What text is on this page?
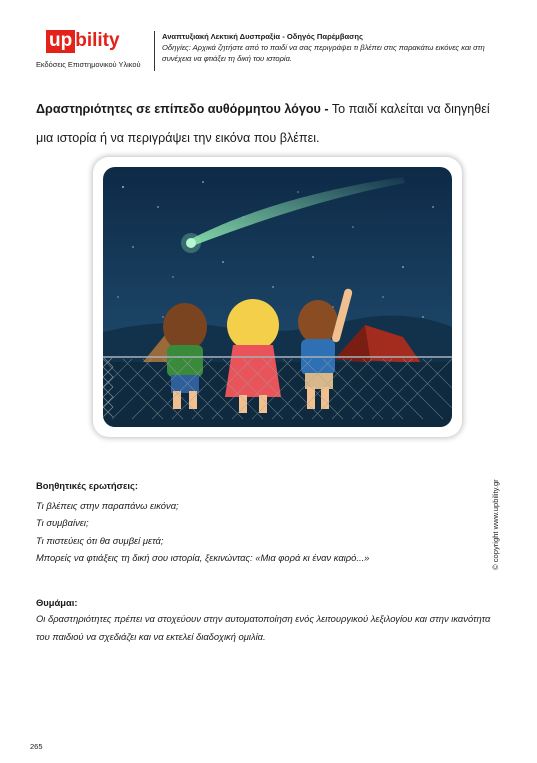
up bility
Εκδόσεις Επιστημονικού Υλικού
Αναπτυξιακή Λεκτική Δυσπραξία - Οδηγός Παρέμβασης
Οδηγίες: Αρχικά ζητήστε από το παιδί να σας περιγράψει τι βλέπει στις παρακάτω εικόνες και στη συνέχεια να φτιάξει τη δική του ιστορία.
Δραστηριότητες σε επίπεδο αυθόρμητου λόγου - Το παιδί καλείται να διηγηθεί μια ιστορία ή να περιγράψει την εικόνα που βλέπει.
Βοηθητικές ερωτήσεις:
Τι βλέπεις στην παραπάνω εικόνα;
Τι συμβαίνει;
Τι πιστεύεις ότι θα συμβεί μετά;
Μπορείς να φτιάξεις τη δική σου ιστορία, ξεκινώντας: «Μια φορά κι έναν καιρό...»	© copyright www.upbility.gr
Θυμάμαι:
Οι δραστηριότητες πρέπει να στοχεύουν στην αυτοματοποίηση ενός λειτουργικού λεξιλογίου και στην ικανότητα του παιδιού να σχεδιάζει και να εκτελεί διαδοχική ομιλία.
265
